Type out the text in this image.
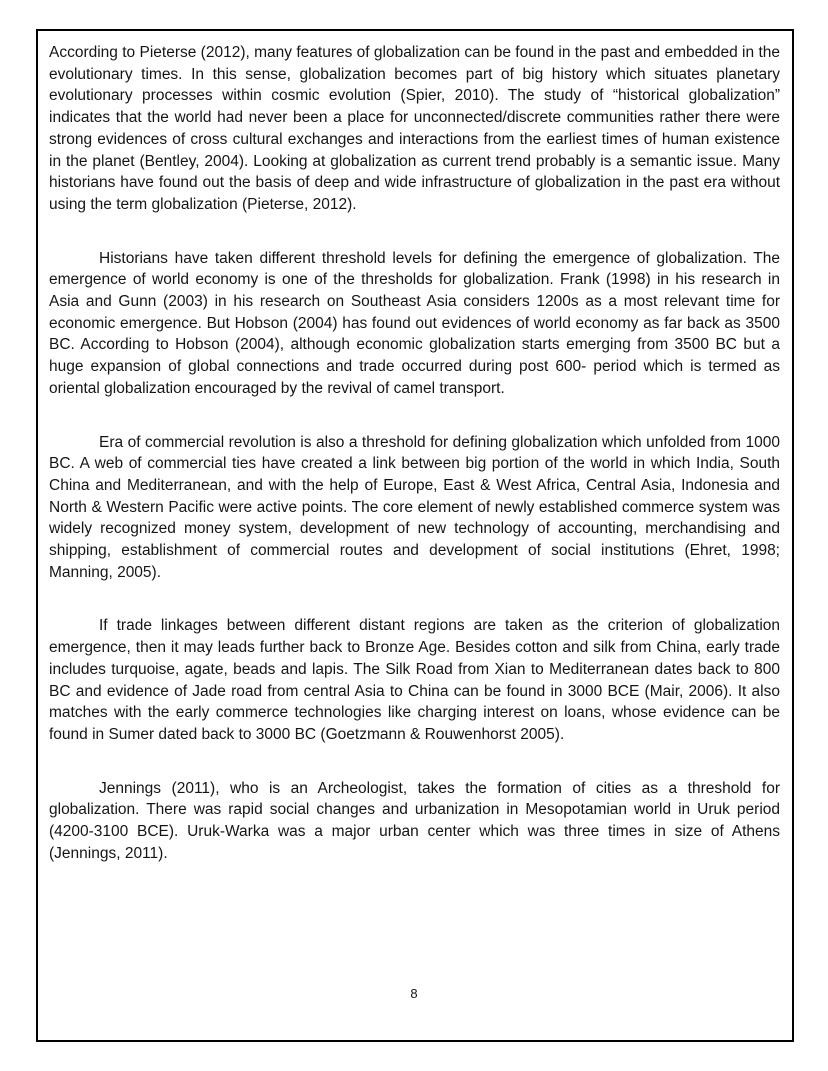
According to Pieterse (2012), many features of globalization can be found in the past and embedded in the evolutionary times. In this sense, globalization becomes part of big history which situates planetary evolutionary processes within cosmic evolution (Spier, 2010). The study of “historical globalization” indicates that the world had never been a place for unconnected/discrete communities rather there were strong evidences of cross cultural exchanges and interactions from the earliest times of human existence in the planet (Bentley, 2004). Looking at globalization as current trend probably is a semantic issue. Many historians have found out the basis of deep and wide infrastructure of globalization in the past era without using the term globalization (Pieterse, 2012).

Historians have taken different threshold levels for defining the emergence of globalization. The emergence of world economy is one of the thresholds for globalization. Frank (1998) in his research in Asia and Gunn (2003) in his research on Southeast Asia considers 1200s as a most relevant time for economic emergence. But Hobson (2004) has found out evidences of world economy as far back as 3500 BC. According to Hobson (2004), although economic globalization starts emerging from 3500 BC but a huge expansion of global connections and trade occurred during post 600- period which is termed as oriental globalization encouraged by the revival of camel transport.

Era of commercial revolution is also a threshold for defining globalization which unfolded from 1000 BC. A web of commercial ties have created a link between big portion of the world in which India, South China and Mediterranean, and with the help of Europe, East & West Africa, Central Asia, Indonesia and North & Western Pacific were active points. The core element of newly established commerce system was widely recognized money system, development of new technology of accounting, merchandising and shipping, establishment of commercial routes and development of social institutions (Ehret, 1998; Manning, 2005).

If trade linkages between different distant regions are taken as the criterion of globalization emergence, then it may leads further back to Bronze Age. Besides cotton and silk from China, early trade includes turquoise, agate, beads and lapis. The Silk Road from Xian to Mediterranean dates back to 800 BC and evidence of Jade road from central Asia to China can be found in 3000 BCE (Mair, 2006). It also matches with the early commerce technologies like charging interest on loans, whose evidence can be found in Sumer dated back to 3000 BC (Goetzmann & Rouwenhorst 2005).

Jennings (2011), who is an Archeologist, takes the formation of cities as a threshold for globalization. There was rapid social changes and urbanization in Mesopotamian world in Uruk period (4200-3100 BCE). Uruk-Warka was a major urban center which was three times in size of Athens (Jennings, 2011).

8
